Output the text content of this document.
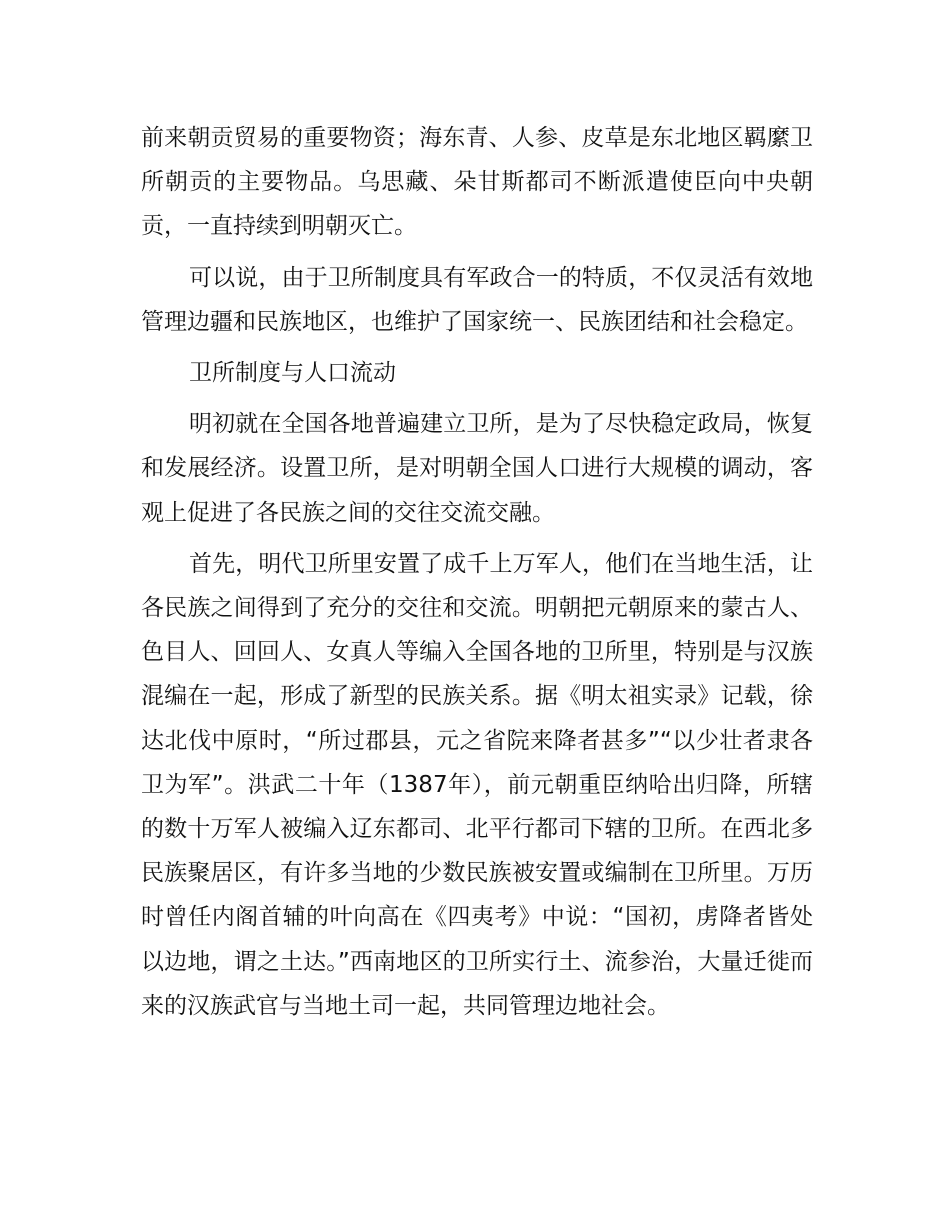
前来朝贡贸易的重要物资；海东青、人参、皮草是东北地区羁縻卫所朝贡的主要物品。乌思藏、朵甘斯都司不断派遣使臣向中央朝贡，一直持续到明朝灭亡。

可以说，由于卫所制度具有军政合一的特质，不仅灵活有效地管理边疆和民族地区，也维护了国家统一、民族团结和社会稳定。

卫所制度与人口流动

明初就在全国各地普遍建立卫所，是为了尽快稳定政局，恢复和发展经济。设置卫所，是对明朝全国人口进行大规模的调动，客观上促进了各民族之间的交往交流交融。

首先，明代卫所里安置了成千上万军人，他们在当地生活，让各民族之间得到了充分的交往和交流。明朝把元朝原来的蒙古人、色目人、回回人、女真人等编入全国各地的卫所里，特别是与汉族混编在一起，形成了新型的民族关系。据《明太祖实录》记载，徐达北伐中原时，“所过郡县，元之省院来降者甚多”“以少壮者隶各卫为军”。洪武二十年（1387年），前元朝重臣纳哈出归降，所辖的数十万军人被编入辽东都司、北平行都司下辖的卫所。在西北多民族聚居区，有许多当地的少数民族被安置或编制在卫所里。万历时曾任内阁首辅的叶向高在《四夷考》中说：“国初，虏降者皆处以边地，谓之土达。”西南地区的卫所实行土、流参治，大量迁徙而来的汉族武官与当地土司一起，共同管理边地社会。
